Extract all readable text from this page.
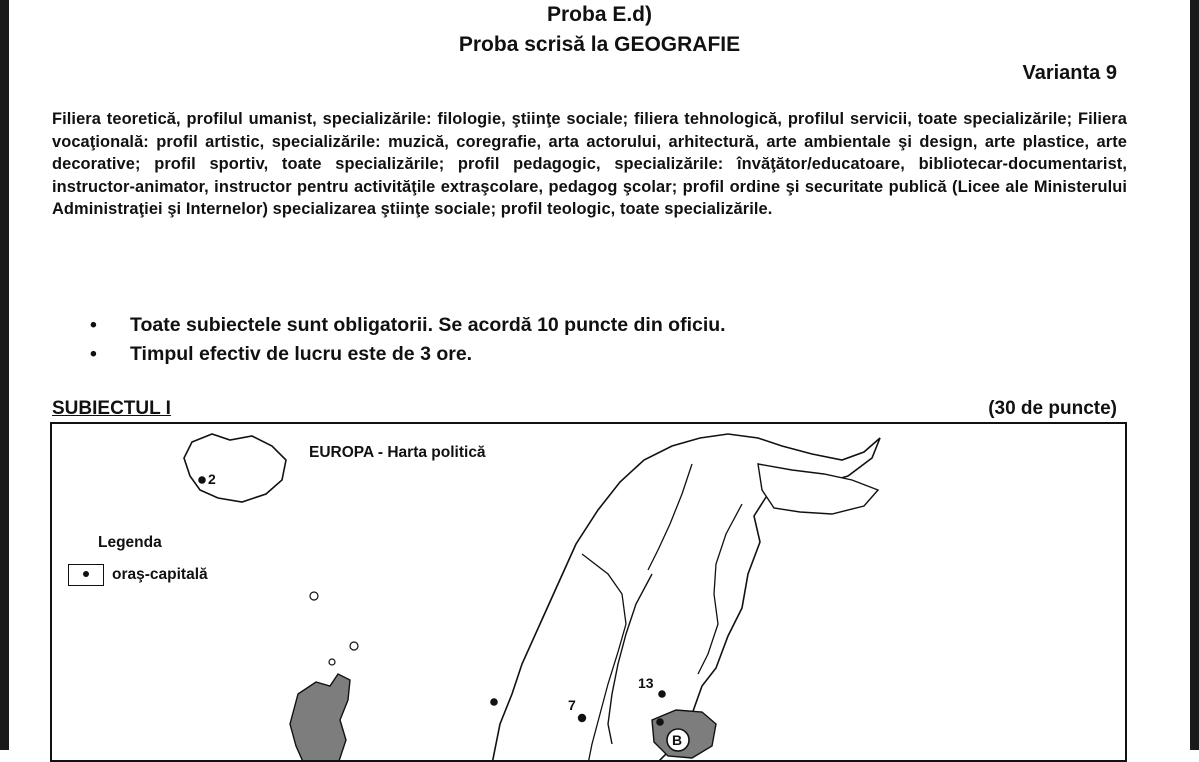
Proba E.d)
Proba scrisă la GEOGRAFIE
Varianta 9
Filiera teoretică, profilul umanist, specializările: filologie, ştiinţe sociale; filiera tehnologică, profilul servicii, toate specializările; Filiera vocaţională: profil artistic, specializările: muzică, coregrafie, arta actorului, arhitectură, arte ambientale şi design, arte plastice, arte decorative; profil sportiv, toate specializările; profil pedagogic, specializările: învăţător/educatoare, bibliotecar-documentarist, instructor-animator, instructor pentru activităţile extraşcolare, pedagog şcolar; profil ordine şi securitate publică (Licee ale Ministerului Administraţiei şi Internelor) specializarea ştiinţe sociale; profil teologic, toate specializările.
• Toate subiectele sunt obligatorii. Se acordă 10 puncte din oficiu.
• Timpul efectiv de lucru este de 3 ore.
SUBIECTUL I	(30 de puncte)
2
7
13
B
EUROPA - Harta politică
Legenda
oraş-capitală
